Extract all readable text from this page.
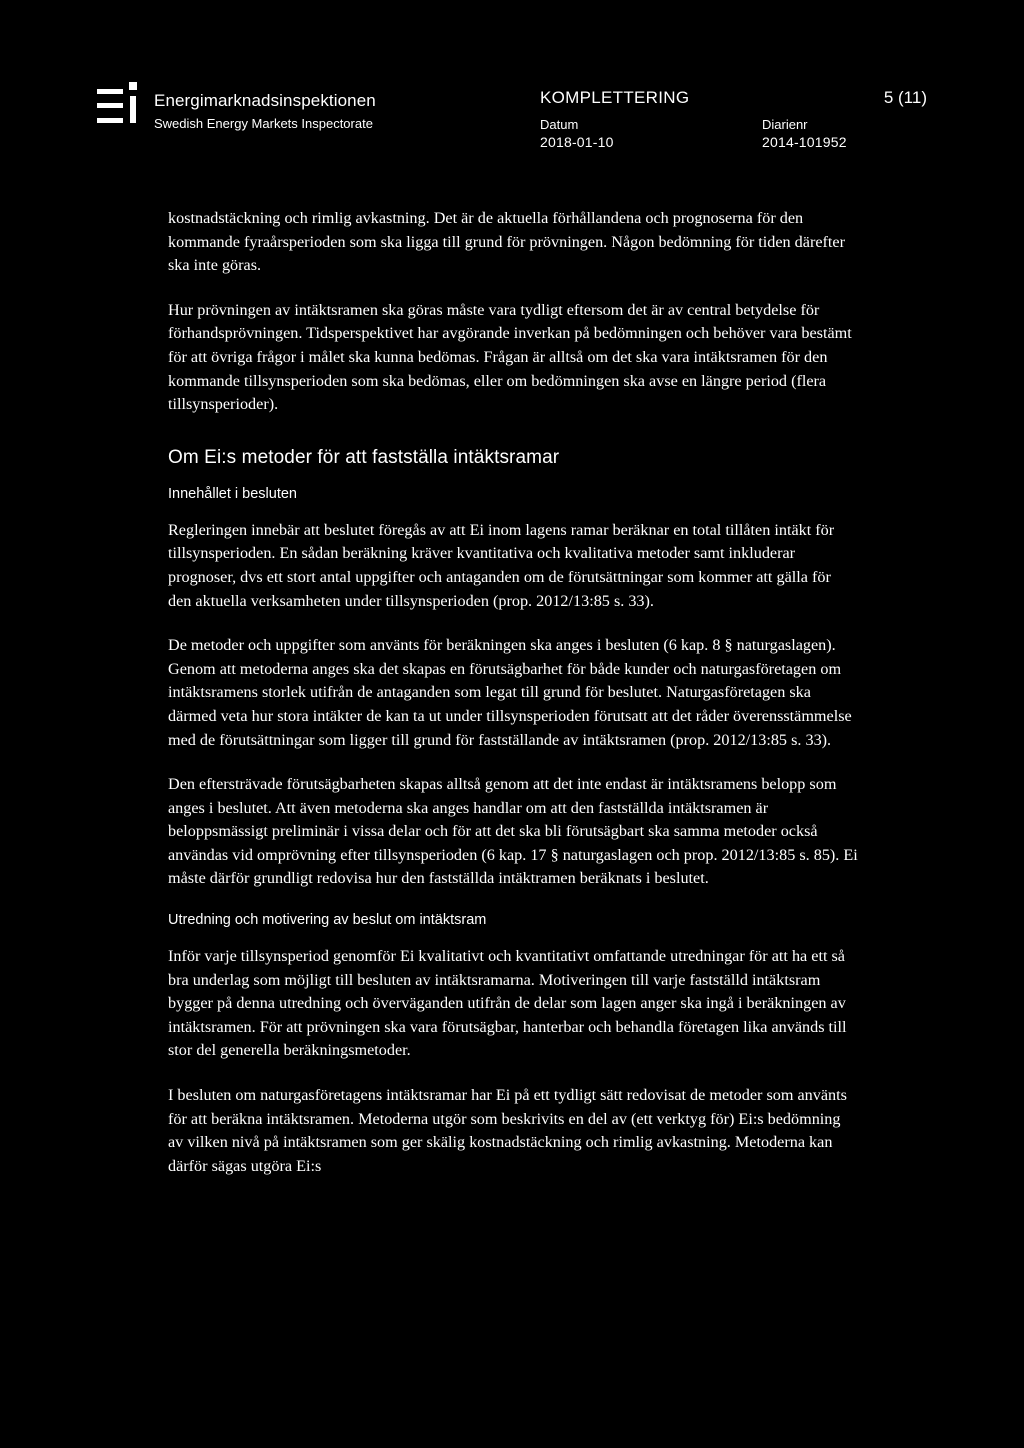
Energimarknadsinspektionen
Swedish Energy Markets Inspectorate
KOMPLETTERING	5 (11)
Datum
2018-01-10
Diarienr
2014-101952

kostnadstäckning och rimlig avkastning. Det är de aktuella förhållandena och prognoserna för den kommande fyraårsperioden som ska ligga till grund för prövningen. Någon bedömning för tiden därefter ska inte göras.

Hur prövningen av intäktsramen ska göras måste vara tydligt eftersom det är av central betydelse för förhandsprövningen. Tidsperspektivet har avgörande inverkan på bedömningen och behöver vara bestämt för att övriga frågor i målet ska kunna bedömas. Frågan är alltså om det ska vara intäktsramen för den kommande tillsynsperioden som ska bedömas, eller om bedömningen ska avse en längre period (flera tillsynsperioder).

Om Ei:s metoder för att fastställa intäktsramar
Innehållet i besluten

Regleringen innebär att beslutet föregås av att Ei inom lagens ramar beräknar en total tillåten intäkt för tillsynsperioden. En sådan beräkning kräver kvantitativa och kvalitativa metoder samt inkluderar prognoser, dvs ett stort antal uppgifter och antaganden om de förutsättningar som kommer att gälla för den aktuella verksamheten under tillsynsperioden (prop. 2012/13:85 s. 33).

De metoder och uppgifter som använts för beräkningen ska anges i besluten (6 kap. 8 § naturgaslagen). Genom att metoderna anges ska det skapas en förutsägbarhet för både kunder och naturgasföretagen om intäktsramens storlek utifrån de antaganden som legat till grund för beslutet. Naturgasföretagen ska därmed veta hur stora intäkter de kan ta ut under tillsynsperioden förutsatt att det råder överensstämmelse med de förutsättningar som ligger till grund för fastställande av intäktsramen (prop. 2012/13:85 s. 33).

Den eftersträvade förutsägbarheten skapas alltså genom att det inte endast är intäktsramens belopp som anges i beslutet. Att även metoderna ska anges handlar om att den fastställda intäktsramen är beloppsmässigt preliminär i vissa delar och för att det ska bli förutsägbart ska samma metoder också användas vid omprövning efter tillsynsperioden (6 kap. 17 § naturgaslagen och prop. 2012/13:85 s. 85). Ei måste därför grundligt redovisa hur den fastställda intäktramen beräknats i beslutet.

Utredning och motivering av beslut om intäktsram

Inför varje tillsynsperiod genomför Ei kvalitativt och kvantitativt omfattande utredningar för att ha ett så bra underlag som möjligt till besluten av intäktsramarna. Motiveringen till varje fastställd intäktsram bygger på denna utredning och överväganden utifrån de delar som lagen anger ska ingå i beräkningen av intäktsramen. För att prövningen ska vara förutsägbar, hanterbar och behandla företagen lika används till stor del generella beräkningsmetoder.

I besluten om naturgasföretagens intäktsramar har Ei på ett tydligt sätt redovisat de metoder som använts för att beräkna intäktsramen. Metoderna utgör som beskrivits en del av (ett verktyg för) Ei:s bedömning av vilken nivå på intäktsramen som ger skälig kostnadstäckning och rimlig avkastning. Metoderna kan därför sägas utgöra Ei:s
